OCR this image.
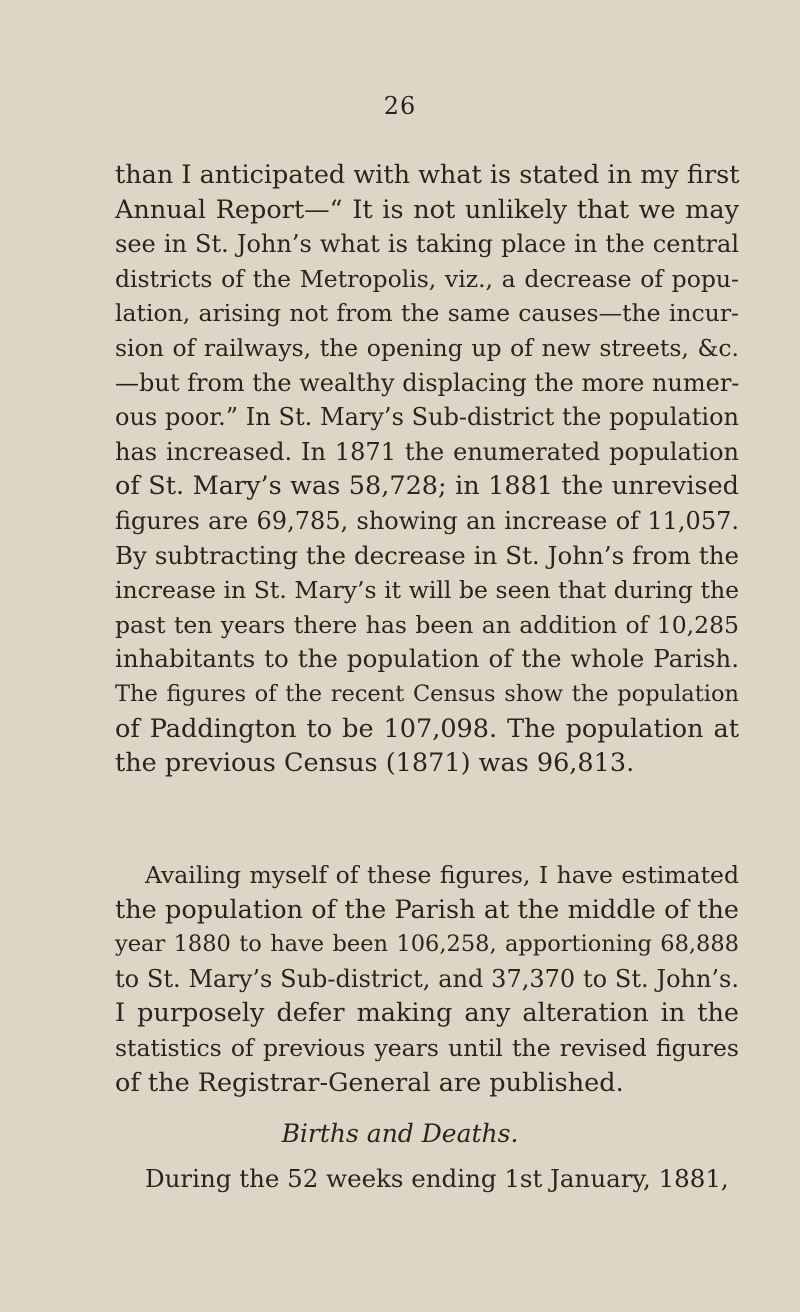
26
than I anticipated with what is stated in my first
Annual Report—“ It is not unlikely that we may
see in St. John’s what is taking place in the central
districts of the Metropolis, viz., a decrease of popu-
lation, arising not from the same causes—the incur-
sion of railways, the opening up of new streets, &c.
—but from the wealthy displacing the more numer-
ous poor.” In St. Mary’s Sub-district the population
has increased. In 1871 the enumerated population
of St. Mary’s was 58,728; in 1881 the unrevised
figures are 69,785, showing an increase of 11,057.
By subtracting the decrease in St. John’s from the
increase in St. Mary’s it will be seen that during the
past ten years there has been an addition of 10,285
inhabitants to the population of the whole Parish.
The figures of the recent Census show the population
of Paddington to be 107,098. The population at
the previous Census (1871) was 96,813.
Availing myself of these figures, I have estimated
the population of the Parish at the middle of the
year 1880 to have been 106,258, apportioning 68,888
to St. Mary’s Sub-district, and 37,370 to St. John’s.
I purposely defer making any alteration in the
statistics of previous years until the revised figures
of the Registrar-General are published.
Births and Deaths.
During the 52 weeks ending 1st January, 1881,
